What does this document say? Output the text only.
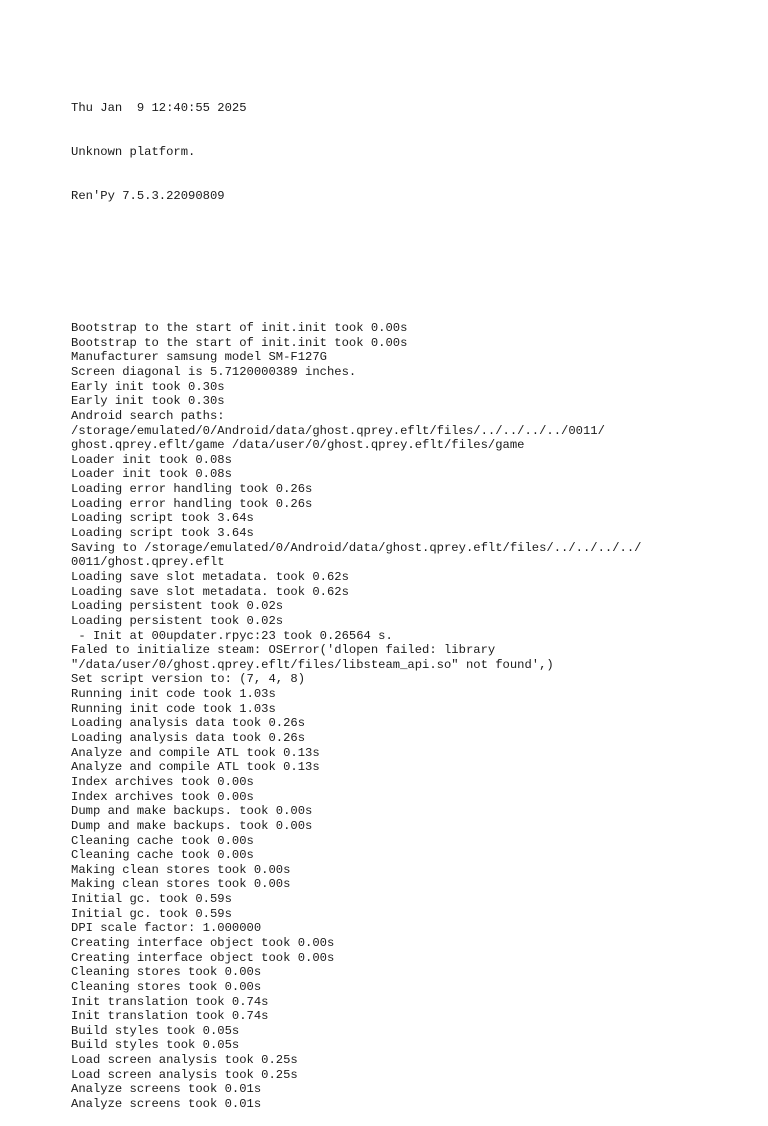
Thu Jan  9 12:40:55 2025

Unknown platform.

Ren'Py 7.5.3.22090809

Bootstrap to the start of init.init took 0.00s
Bootstrap to the start of init.init took 0.00s
Manufacturer samsung model SM-F127G
Screen diagonal is 5.7120000389 inches.
Early init took 0.30s
Early init took 0.30s
Android search paths:
/storage/emulated/0/Android/data/ghost.qprey.eflt/files/../../../../0011/
ghost.qprey.eflt/game /data/user/0/ghost.qprey.eflt/files/game
Loader init took 0.08s
Loader init took 0.08s
Loading error handling took 0.26s
Loading error handling took 0.26s
Loading script took 3.64s
Loading script took 3.64s
Saving to /storage/emulated/0/Android/data/ghost.qprey.eflt/files/../../../../
0011/ghost.qprey.eflt
Loading save slot metadata. took 0.62s
Loading save slot metadata. took 0.62s
Loading persistent took 0.02s
Loading persistent took 0.02s
- Init at 00updater.rpyc:23 took 0.26564 s.
Faled to initialize steam: OSError('dlopen failed: library
"/data/user/0/ghost.qprey.eflt/files/libsteam_api.so" not found',)
Set script version to: (7, 4, 8)
Running init code took 1.03s
Running init code took 1.03s
Loading analysis data took 0.26s
Loading analysis data took 0.26s
Analyze and compile ATL took 0.13s
Analyze and compile ATL took 0.13s
Index archives took 0.00s
Index archives took 0.00s
Dump and make backups. took 0.00s
Dump and make backups. took 0.00s
Cleaning cache took 0.00s
Cleaning cache took 0.00s
Making clean stores took 0.00s
Making clean stores took 0.00s
Initial gc. took 0.59s
Initial gc. took 0.59s
DPI scale factor: 1.000000
Creating interface object took 0.00s
Creating interface object took 0.00s
Cleaning stores took 0.00s
Cleaning stores took 0.00s
Init translation took 0.74s
Init translation took 0.74s
Build styles took 0.05s
Build styles took 0.05s
Load screen analysis took 0.25s
Load screen analysis took 0.25s
Analyze screens took 0.01s
Analyze screens took 0.01s
